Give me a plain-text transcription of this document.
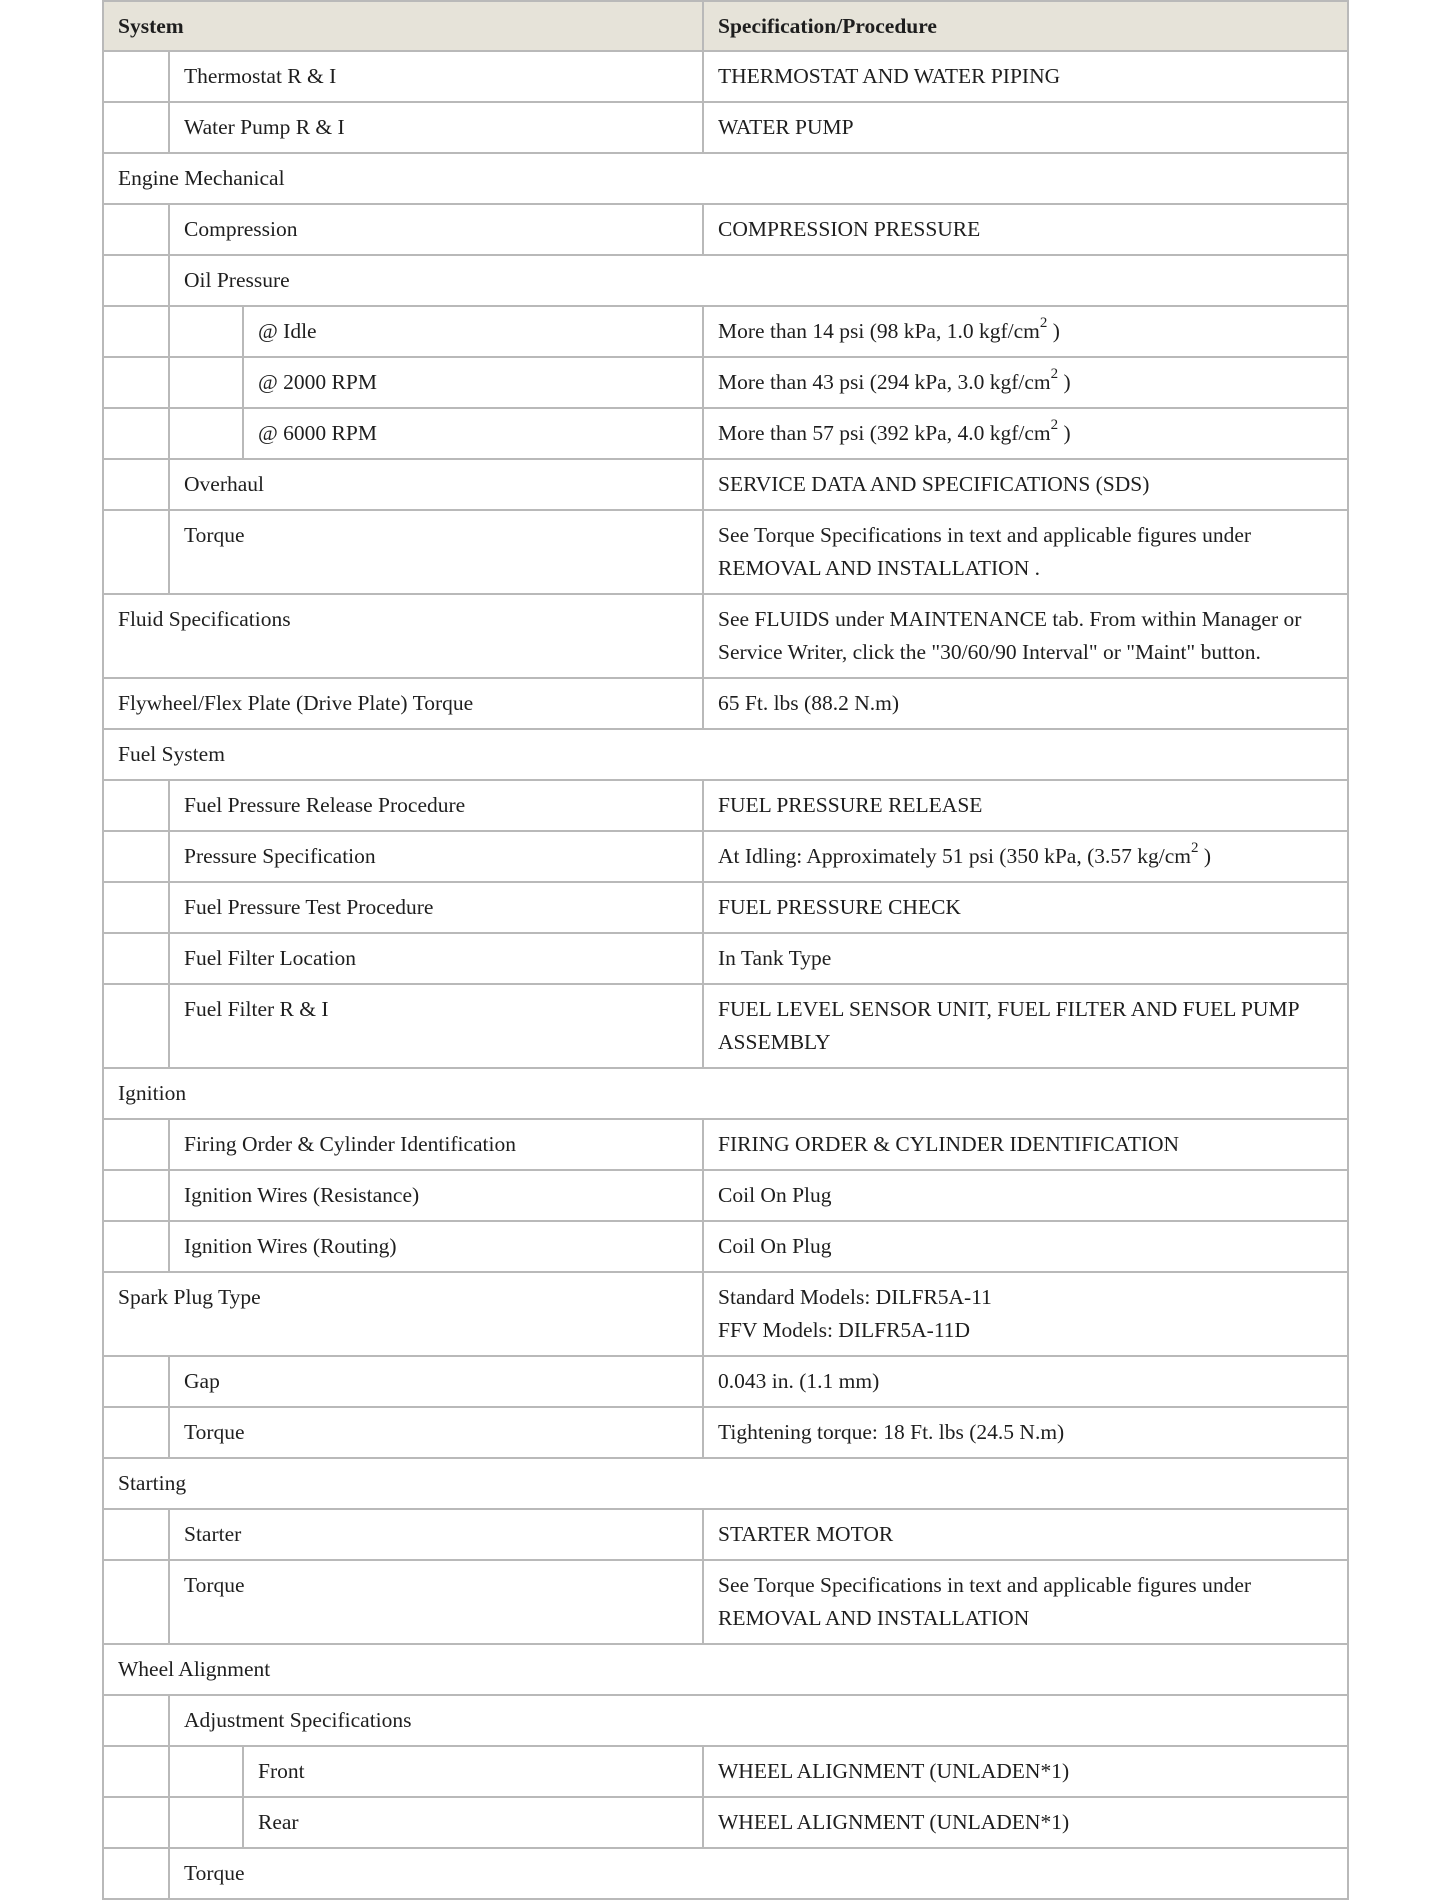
System			Specification/Procedure
	Thermostat R & I		THERMOSTAT AND WATER PIPING
	Water Pump R & I		WATER PUMP
Engine Mechanical			
	Compression		COMPRESSION PRESSURE
	Oil Pressure		
		@ Idle	More than 14 psi (98 kPa, 1.0 kgf/$cm^2$ )
		@ 2000 RPM	More than 43 psi (294 kPa, 3.0 kgf/$cm^2$ )
		@ 6000 RPM	More than 57 psi (392 kPa, 4.0 kgf/$cm^2$ )
	Overhaul		SERVICE DATA AND SPECIFICATIONS (SDS)
	Torque		See Torque Specifications in text and applicable figures under REMOVAL AND INSTALLATION .
Fluid Specifications			See FLUIDS under MAINTENANCE tab. From within Manager or Service Writer, click the "30/60/90 Interval" or "Maint" button.
Flywheel/Flex Plate (Drive Plate) Torque			65 Ft. lbs (88.2 N.m)
Fuel System			
	Fuel Pressure Release Procedure		FUEL PRESSURE RELEASE
	Pressure Specification		At Idling: Approximately 51 psi (350 kPa, (3.57 $kg/cm^2$ )
	Fuel Pressure Test Procedure		FUEL PRESSURE CHECK
	Fuel Filter Location		In Tank Type
	Fuel Filter R & I		FUEL LEVEL SENSOR UNIT, FUEL FILTER AND FUEL PUMP ASSEMBLY
Ignition			
	Firing Order & Cylinder Identification		FIRING ORDER & CYLINDER IDENTIFICATION
	Ignition Wires (Resistance)		Coil On Plug
	Ignition Wires (Routing)		Coil On Plug
Spark Plug Type			Standard Models: DILFR5A-11
FFV Models: DILFR5A-11D
	Gap		0.043 in. (1.1 mm)
	Torque		Tightening torque: 18 Ft. lbs (24.5 N.m)
Starting			
	Starter		STARTER MOTOR
	Torque		See Torque Specifications in text and applicable figures under REMOVAL AND INSTALLATION
Wheel Alignment			
	Adjustment Specifications		
		Front	WHEEL ALIGNMENT (UNLADEN*1)
		Rear	WHEEL ALIGNMENT (UNLADEN*1)
	Torque		
